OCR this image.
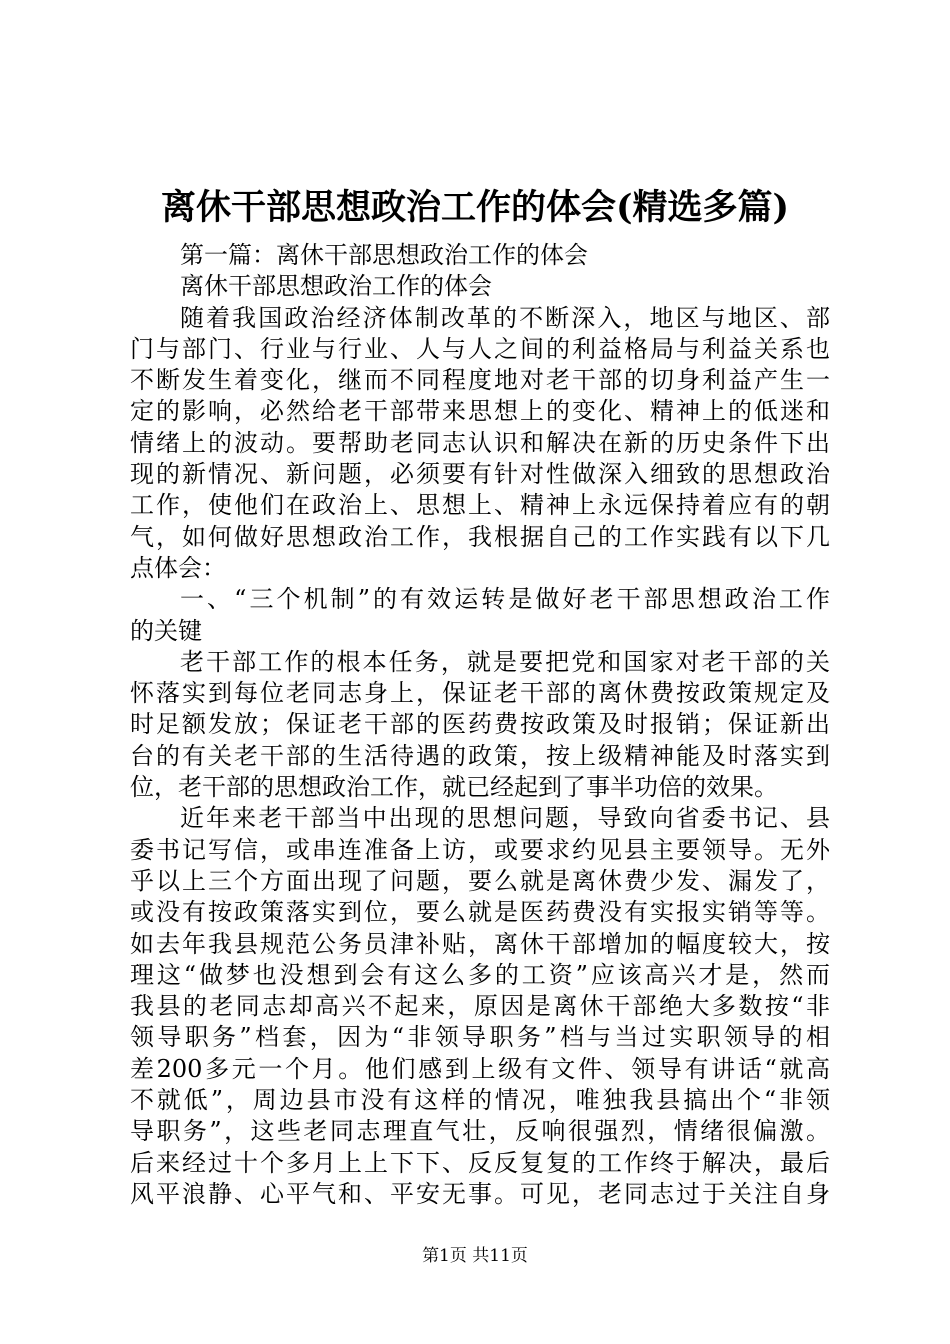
离休干部思想政治工作的体会(精选多篇)
第一篇：离休干部思想政治工作的体会
离休干部思想政治工作的体会
随着我国政治经济体制改革的不断深入，地区与地区、部
门与部门、行业与行业、人与人之间的利益格局与利益关系也
不断发生着变化，继而不同程度地对老干部的切身利益产生一
定的影响，必然给老干部带来思想上的变化、精神上的低迷和
情绪上的波动。要帮助老同志认识和解决在新的历史条件下出
现的新情况、新问题，必须要有针对性做深入细致的思想政治
工作，使他们在政治上、思想上、精神上永远保持着应有的朝
气，如何做好思想政治工作，我根据自己的工作实践有以下几
点体会：
一、“三个机制”的有效运转是做好老干部思想政治工作
的关键
老干部工作的根本任务，就是要把党和国家对老干部的关
怀落实到每位老同志身上，保证老干部的离休费按政策规定及
时足额发放；保证老干部的医药费按政策及时报销；保证新出
台的有关老干部的生活待遇的政策，按上级精神能及时落实到
位，老干部的思想政治工作，就已经起到了事半功倍的效果。
近年来老干部当中出现的思想问题，导致向省委书记、县
委书记写信，或串连准备上访，或要求约见县主要领导。无外
乎以上三个方面出现了问题，要么就是离休费少发、漏发了，
或没有按政策落实到位，要么就是医药费没有实报实销等等。
如去年我县规范公务员津补贴，离休干部增加的幅度较大，按
理这“做梦也没想到会有这么多的工资”应该高兴才是，然而
我县的老同志却高兴不起来，原因是离休干部绝大多数按“非
领导职务”档套，因为“非领导职务”档与当过实职领导的相
差200多元一个月。他们感到上级有文件、领导有讲话“就高
不就低”，周边县市没有这样的情况，唯独我县搞出个“非领
导职务”，这些老同志理直气壮，反响很强烈，情绪很偏激。
后来经过十个多月上上下下、反反复复的工作终于解决，最后
风平浪静、心平气和、平安无事。可见，老同志过于关注自身
第1页 共11页
